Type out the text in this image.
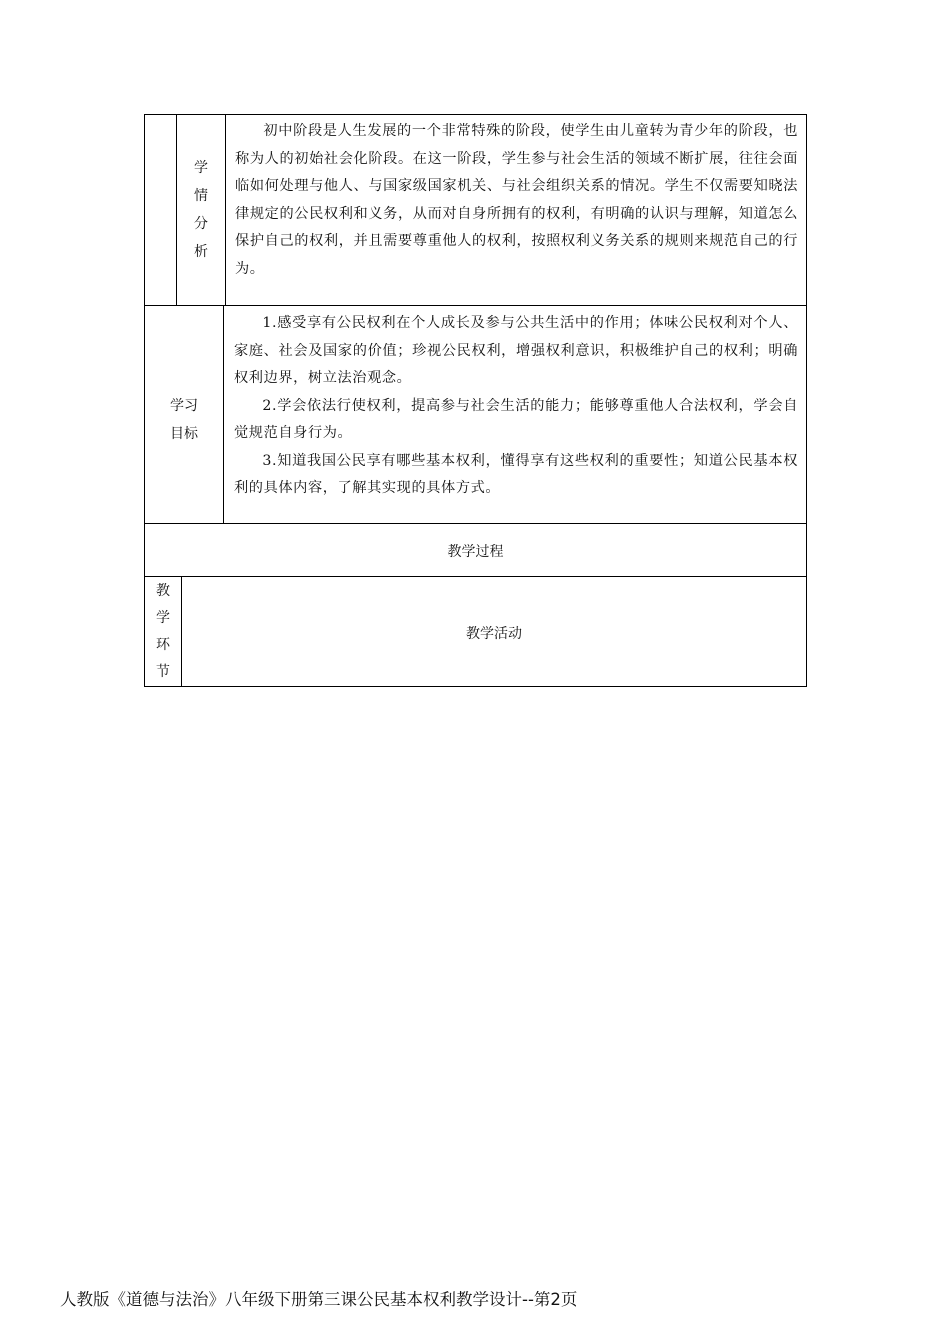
学
情
分
析

初中阶段是人生发展的一个非常特殊的阶段，使学生由儿童转为青少年的阶段，也称为人的初始社会化阶段。在这一阶段，学生参与社会生活的领域不断扩展，往往会面临如何处理与他人、与国家级国家机关、与社会组织关系的情况。学生不仅需要知晓法律规定的公民权利和义务，从而对自身所拥有的权利，有明确的认识与理解，知道怎么保护自己的权利，并且需要尊重他人的权利，按照权利义务关系的规则来规范自己的行为。

学习
目标

1.感受享有公民权利在个人成长及参与公共生活中的作用；体味公民权利对个人、家庭、社会及国家的价值；珍视公民权利，增强权利意识，积极维护自己的权利；明确权利边界，树立法治观念。

2.学会依法行使权利，提高参与社会生活的能力；能够尊重他人合法权利，学会自觉规范自身行为。

3.知道我国公民享有哪些基本权利，懂得享有这些权利的重要性；知道公民基本权利的具体内容，了解其实现的具体方式。

教学过程
教
学
环
节
教学活动
人教版《道德与法治》八年级下册第三课公民基本权利教学设计--第2页
